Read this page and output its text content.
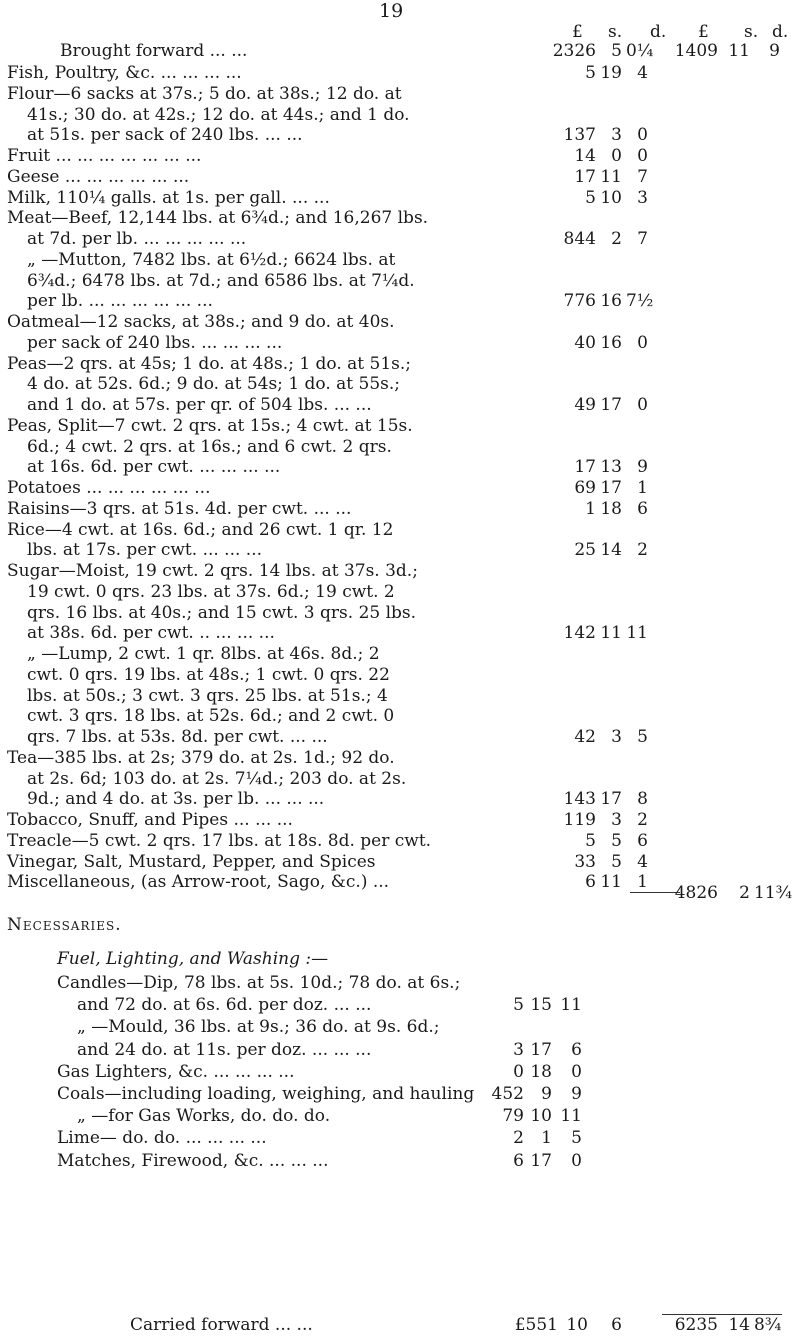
19
£ s. d. £ s. d.
Brought forward ... ...	2326 5 0¼	1409 11	9
Fish, Poultry, &c. ... ... ... ...	5 19 4
Flour—6 sacks at 37s.; 5 do. at 38s.; 12 do. at
41s.; 30 do. at 42s.; 12 do. at 44s.; and 1 do.
at 51s. per sack of 240 lbs. ... ...	137 3 0
Fruit ... ... ... ... ... ... ...	14 0 0
Geese ... ... ... ... ... ...	17 11 7
Milk, 110¼ galls. at 1s. per gall. ... ...	5 10 3
Meat—Beef, 12,144 lbs. at 6¾d.; and 16,267 lbs.
at 7d. per lb. ... ... ... ... ...	844 2 7
„ —Mutton, 7482 lbs. at 6½d.; 6624 lbs. at
6¾d.; 6478 lbs. at 7d.; and 6586 lbs. at 7¼d.
per lb. ... ... ... ... ... ...	776 16 7½
Oatmeal—12 sacks, at 38s.; and 9 do. at 40s.
per sack of 240 lbs. ... ... ... ...	40 16 0
Peas—2 qrs. at 45s; 1 do. at 48s.; 1 do. at 51s.;
4 do. at 52s. 6d.; 9 do. at 54s; 1 do. at 55s.;
and 1 do. at 57s. per qr. of 504 lbs. ... ...	49 17 0
Peas, Split—7 cwt. 2 qrs. at 15s.; 4 cwt. at 15s.
6d.; 4 cwt. 2 qrs. at 16s.; and 6 cwt. 2 qrs.
at 16s. 6d. per cwt. ... ... ... ...	17 13 9
Potatoes ... ... ... ... ... ...	69 17 1
Raisins—3 qrs. at 51s. 4d. per cwt. ... ...	1 18 6
Rice—4 cwt. at 16s. 6d.; and 26 cwt. 1 qr. 12
lbs. at 17s. per cwt. ... ... ...	25 14 2
Sugar—Moist, 19 cwt. 2 qrs. 14 lbs. at 37s. 3d.;
19 cwt. 0 qrs. 23 lbs. at 37s. 6d.; 19 cwt. 2
qrs. 16 lbs. at 40s.; and 15 cwt. 3 qrs. 25 lbs.
at 38s. 6d. per cwt. .. ... ... ...	142 11 11
„ —Lump, 2 cwt. 1 qr. 8lbs. at 46s. 8d.; 2
cwt. 0 qrs. 19 lbs. at 48s.; 1 cwt. 0 qrs. 22
lbs. at 50s.; 3 cwt. 3 qrs. 25 lbs. at 51s.; 4
cwt. 3 qrs. 18 lbs. at 52s. 6d.; and 2 cwt. 0
qrs. 7 lbs. at 53s. 8d. per cwt. ... ...	42 3 5
Tea—385 lbs. at 2s; 379 do. at 2s. 1d.; 92 do.
at 2s. 6d; 103 do. at 2s. 7¼d.; 203 do. at 2s.
9d.; and 4 do. at 3s. per lb. ... ... ...	143 17 8
Tobacco, Snuff, and Pipes ... ... ...	119 3 2
Treacle—5 cwt. 2 qrs. 17 lbs. at 18s. 8d. per cwt.	5 5 6
Vinegar, Salt, Mustard, Pepper, and Spices	33 5 4
Miscellaneous, (as Arrow-root, Sago, &c.) ...	6 11 1
4826	2 11¾
Necessaries.
Fuel, Lighting, and Washing :—
Candles—Dip, 78 lbs. at 5s. 10d.; 78 do. at 6s.;
and 72 do. at 6s. 6d. per doz. ... ...	5 15 11
„ —Mould, 36 lbs. at 9s.; 36 do. at 9s. 6d.;
and 24 do. at 11s. per doz. ... ... ...	3 17	6
Gas Lighters, &c. ... ... ... ...	0 18	0
Coals—including loading, weighing, and hauling	452	9	9
„ —for Gas Works, do. do. do.	79 10 11
Lime— do. do. ... ... ... ...	2	1	5
Matches, Firewood, &c. ... ... ...	6 17	0
Carried forward ... ...	£551 10	6	6235 14 8¾
